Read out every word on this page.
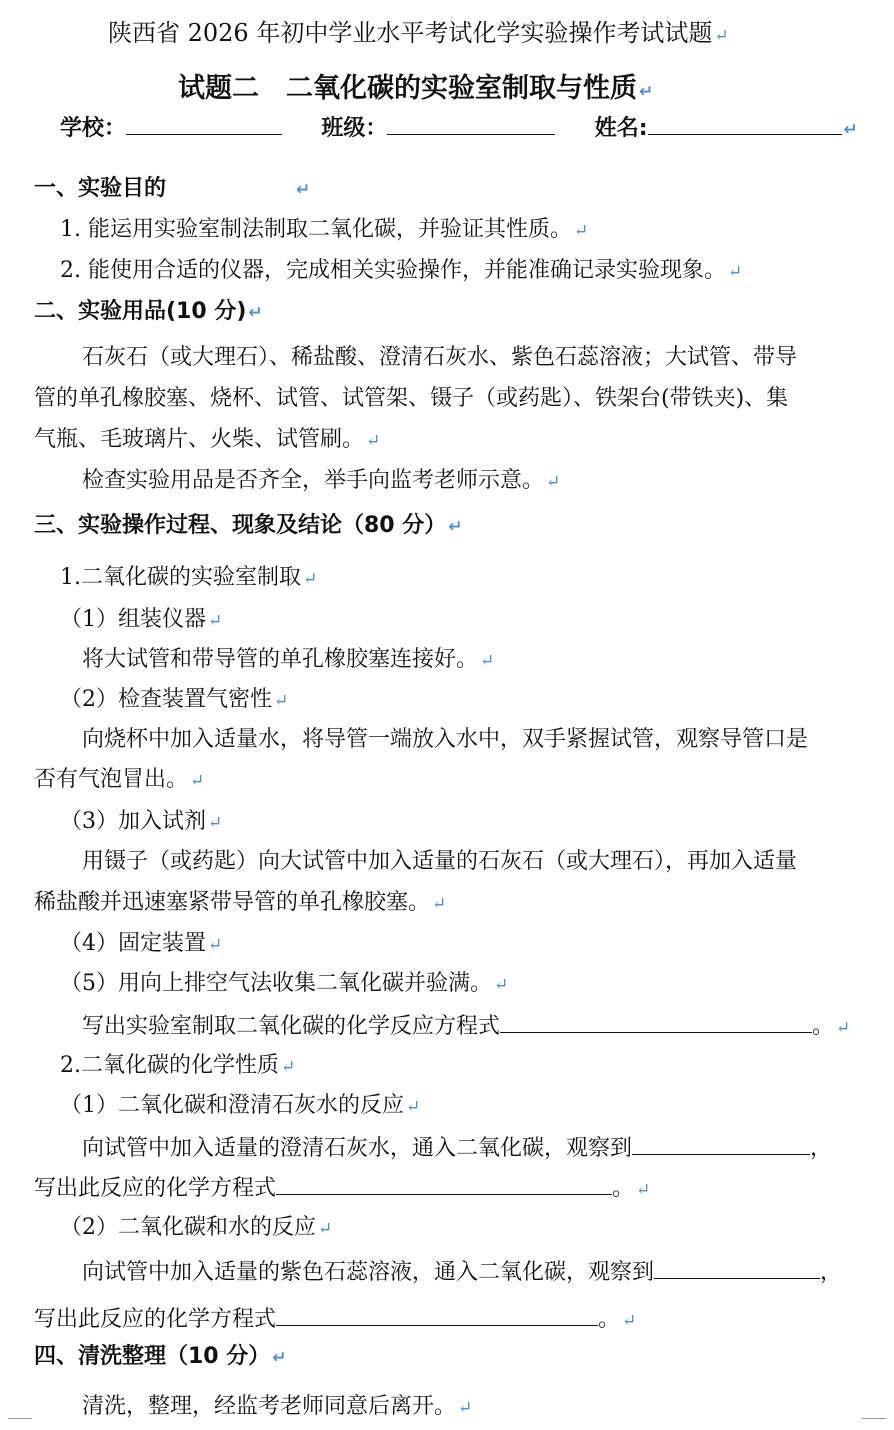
陕西省 2026 年初中学业水平考试化学实验操作考试试题 ↵
试题二　二氧化碳的实验室制取与性质 ↵
学校：	班级：	姓名:	↵
一、实验目的	↵
1. 能运用实验室制法制取二氧化碳，并验证其性质。 ↵
2. 能使用合适的仪器，完成相关实验操作，并能准确记录实验现象。 ↵
二、实验用品(10 分) ↵
石灰石（或大理石）、稀盐酸、澄清石灰水、紫色石蕊溶液；大试管、带导
管的单孔橡胶塞、烧杯、试管、试管架、镊子（或药匙）、铁架台(带铁夹)、集
气瓶、毛玻璃片、火柴、试管刷。 ↵
检查实验用品是否齐全，举手向监考老师示意。 ↵
三、实验操作过程、现象及结论（80 分） ↵
1.二氧化碳的实验室制取 ↵
（1）组装仪器 ↵
将大试管和带导管的单孔橡胶塞连接好。 ↵
（2）检查装置气密性 ↵
向烧杯中加入适量水，将导管一端放入水中，双手紧握试管，观察导管口是
否有气泡冒出。 ↵
（3）加入试剂 ↵
用镊子（或药匙）向大试管中加入适量的石灰石（或大理石），再加入适量
稀盐酸并迅速塞紧带导管的单孔橡胶塞。 ↵
（4）固定装置 ↵
（5）用向上排空气法收集二氧化碳并验满。 ↵
写出实验室制取二氧化碳的化学反应方程式	。 ↵
2.二氧化碳的化学性质 ↵
（1）二氧化碳和澄清石灰水的反应 ↵
向试管中加入适量的澄清石灰水，通入二氧化碳，观察到	，
写出此反应的化学方程式	。 ↵
（2）二氧化碳和水的反应 ↵
向试管中加入适量的紫色石蕊溶液，通入二氧化碳，观察到	，
写出此反应的化学方程式	。 ↵
四、清洗整理（10 分） ↵
清洗，整理，经监考老师同意后离开。 ↵
